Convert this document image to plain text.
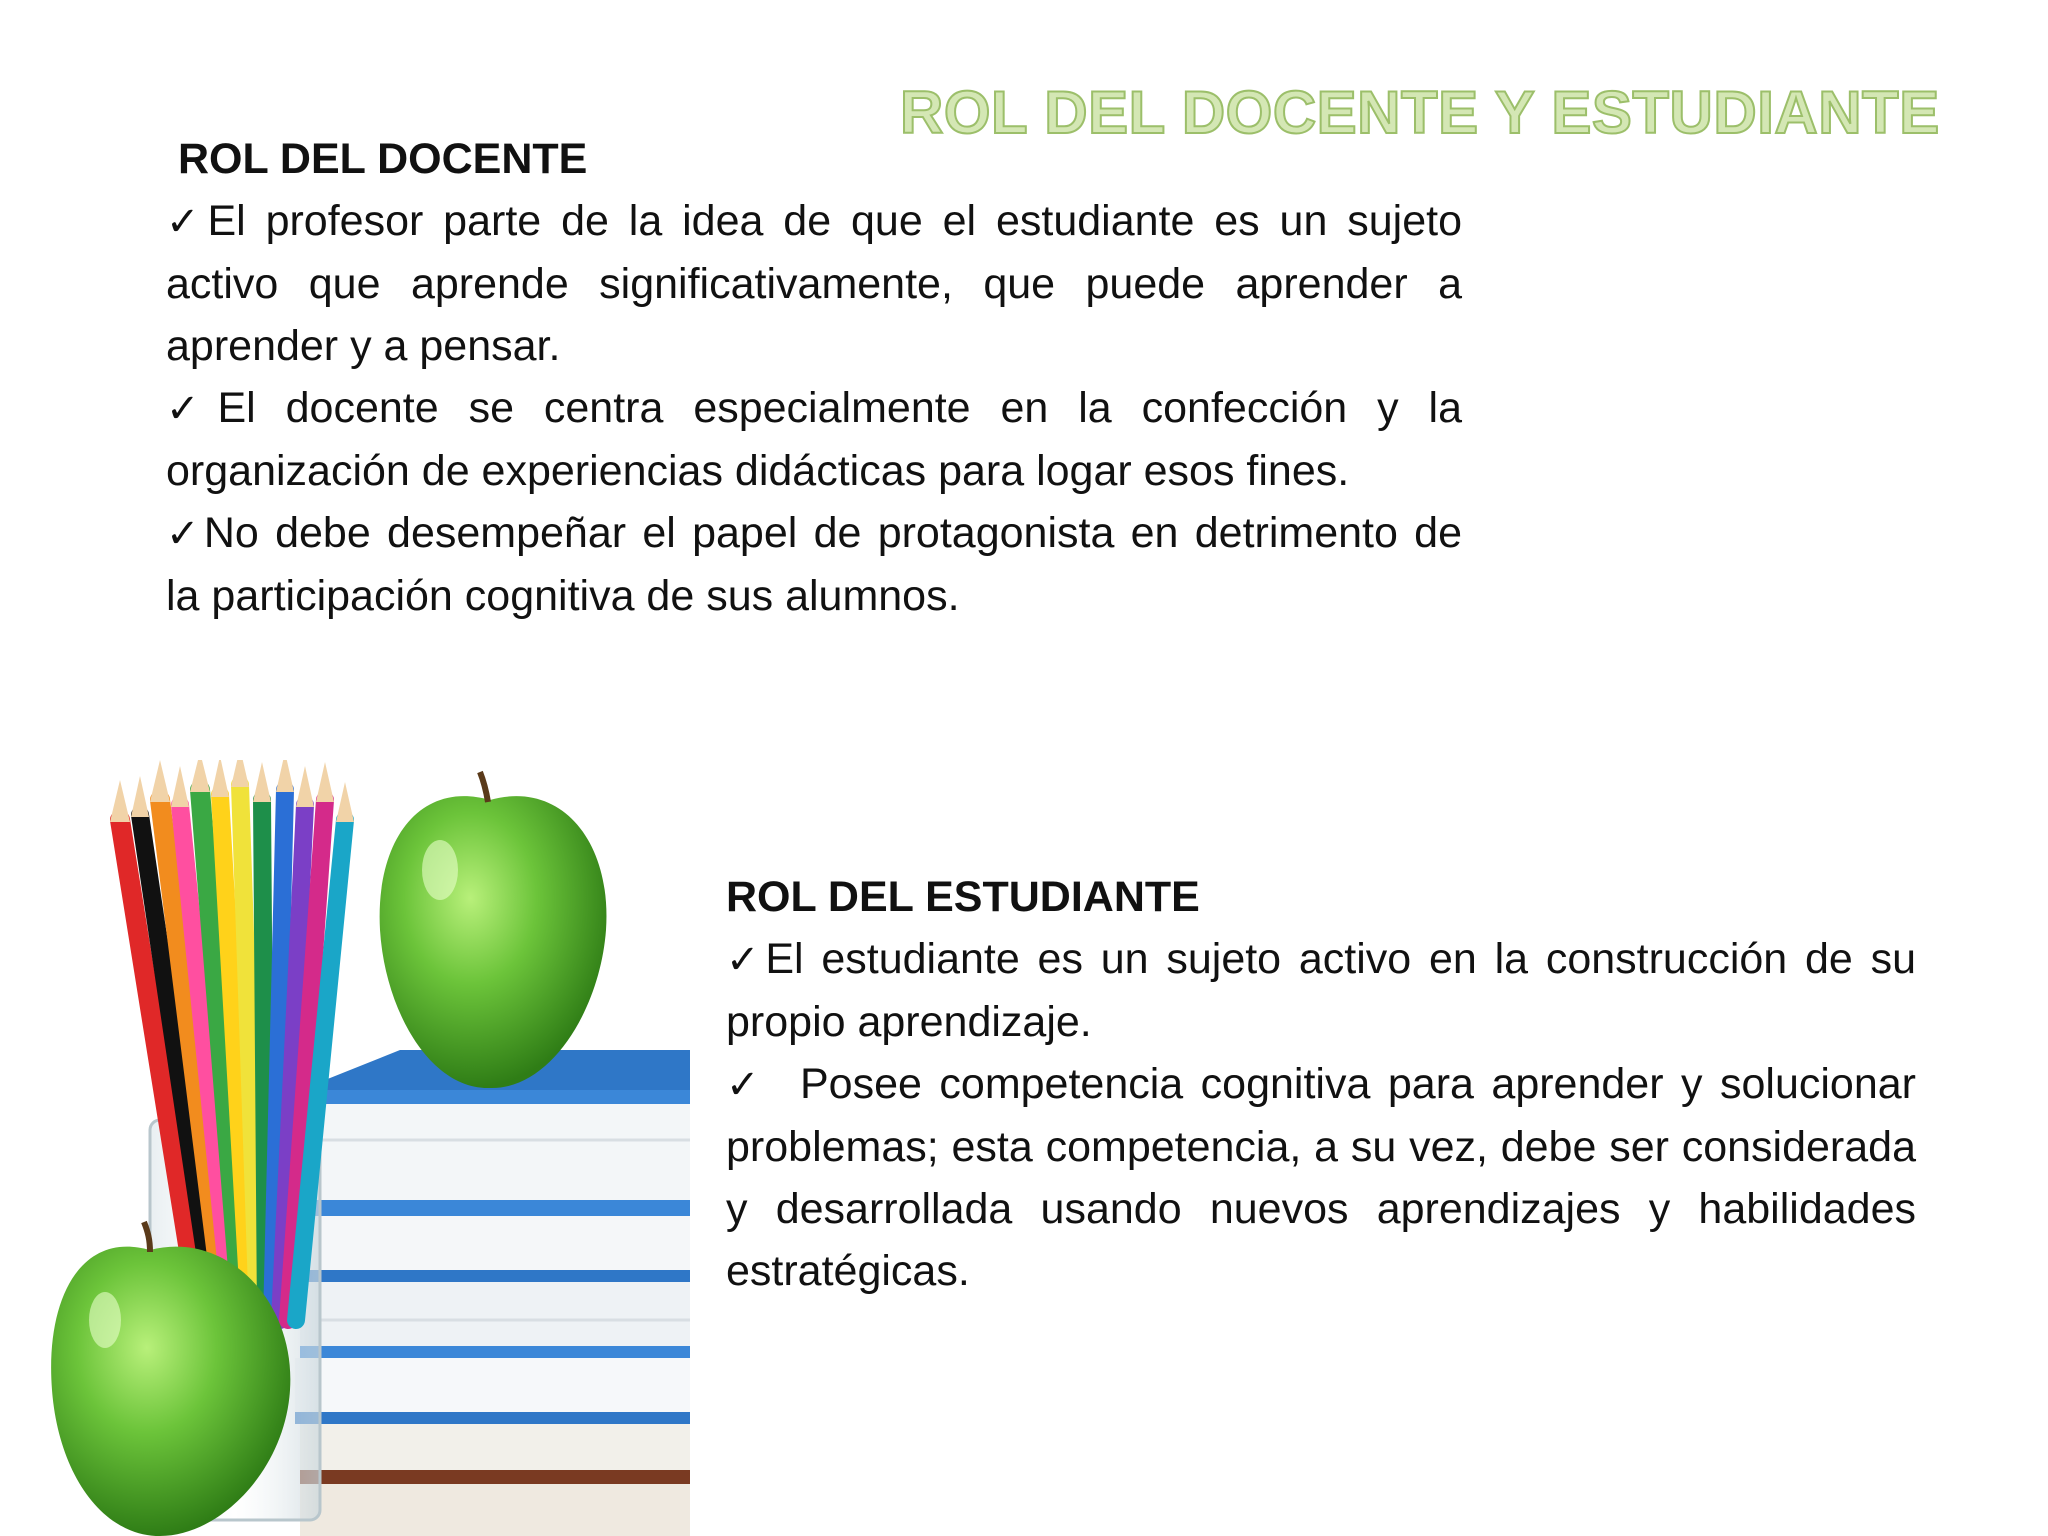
ROL DEL DOCENTE Y ESTUDIANTE
ROL DEL DOCENTE

✓El profesor parte de la idea de que el estudiante es un sujeto activo que aprende significativamente, que puede aprender a aprender y a pensar.

✓El docente se centra especialmente en la confección y la organización de experiencias didácticas para logar esos fines.

✓No debe desempeñar el papel de protagonista en detrimento de la participación cognitiva de sus alumnos.

ROL DEL ESTUDIANTE

✓El estudiante es un sujeto activo en la construcción de su propio aprendizaje.

✓ Posee competencia cognitiva para aprender y solucionar problemas; esta competencia, a su vez, debe ser considerada y desarrollada usando nuevos aprendizajes y habilidades estratégicas.
